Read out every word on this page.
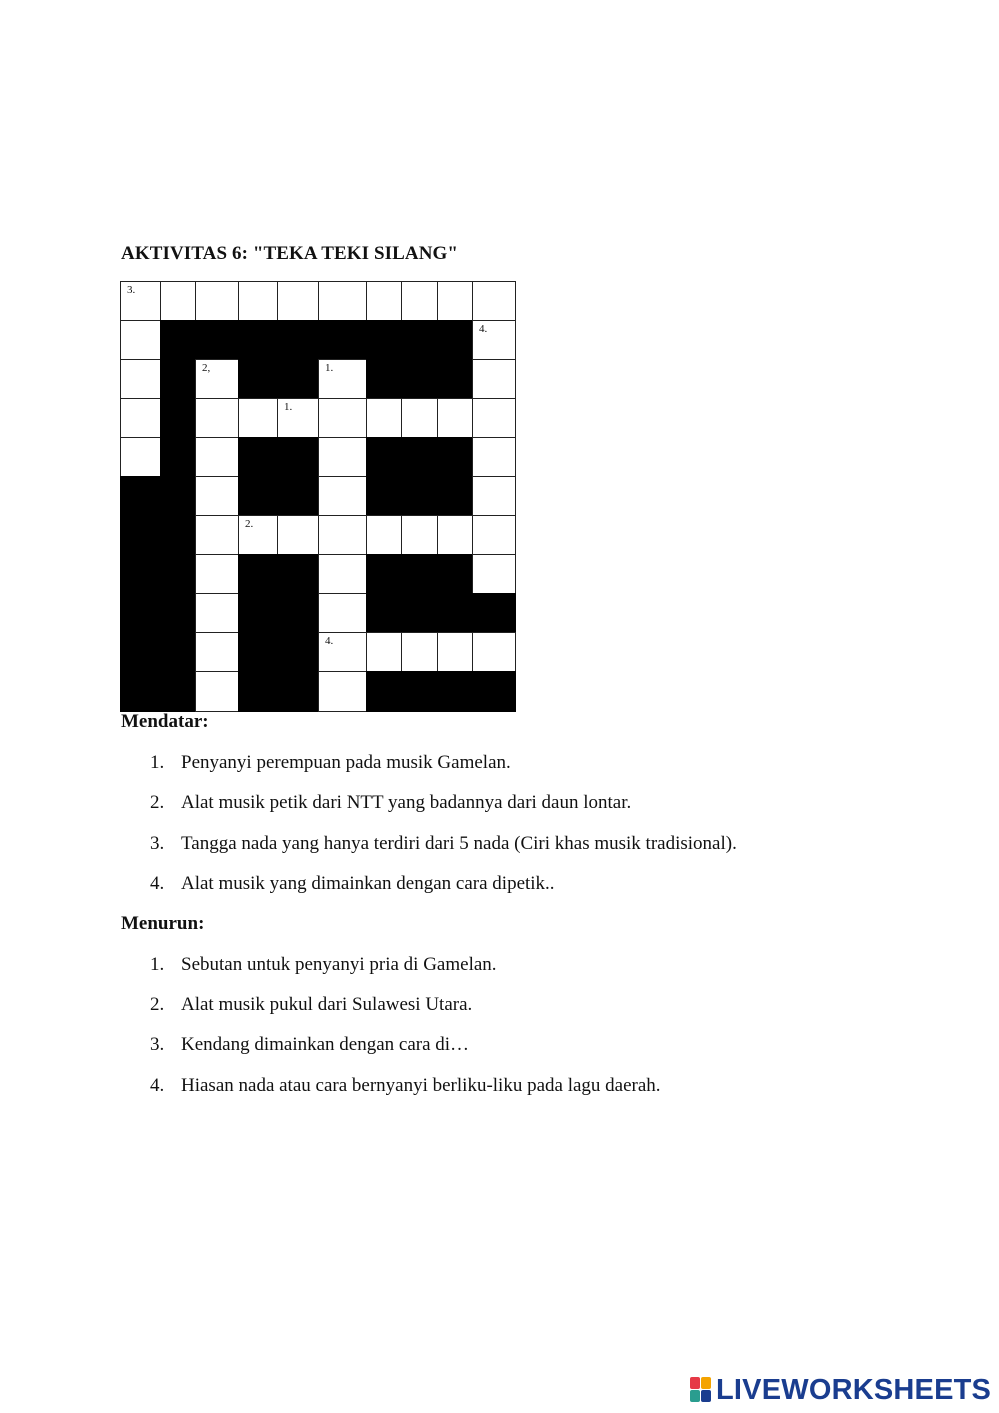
AKTIVITAS 6: "TEKA TEKI SILANG"
3.
4.
2,	1.
1.
2.
4.
Mendatar:
1. Penyanyi perempuan pada musik Gamelan.
2. Alat musik petik dari NTT yang badannya dari daun lontar.
3. Tangga nada yang hanya terdiri dari 5 nada (Ciri khas musik tradisional).
4. Alat musik yang dimainkan dengan cara dipetik..
Menurun:
1. Sebutan untuk penyanyi pria di Gamelan.
2. Alat musik pukul dari Sulawesi Utara.
3. Kendang dimainkan dengan cara di…
4. Hiasan nada atau cara bernyanyi berliku-liku pada lagu daerah.
LIVEWORKSHEETS
